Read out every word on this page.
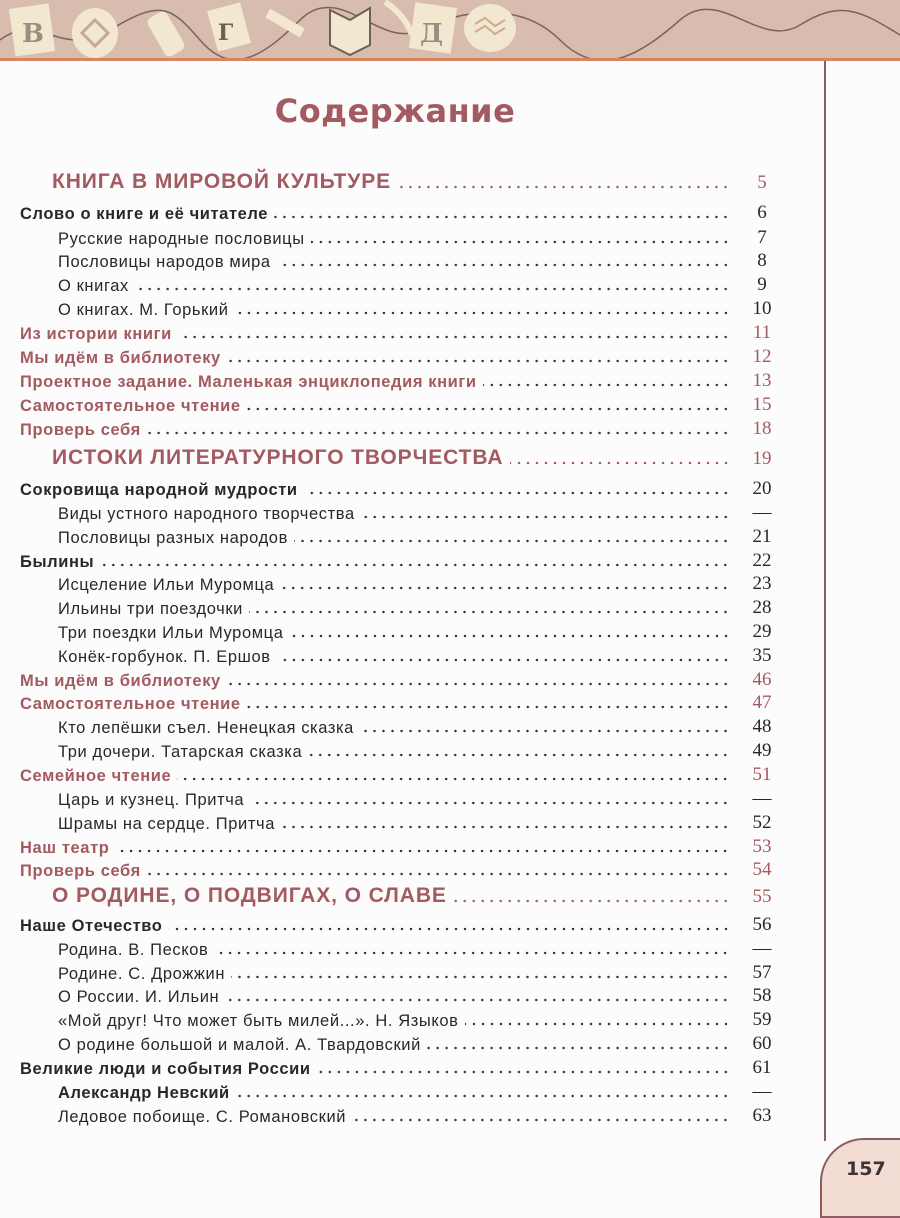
В	Г	Д
Содержание
КНИГА В МИРОВОЙ КУЛЬТУРЕ	5
Слово о книге и её читателе	6
Русские народные пословицы	7
Пословицы народов мира	8
О книгах	9
О книгах. М. Горький	10
Из истории книги	11
Мы идём в библиотеку	12
Проектное задание. Маленькая энциклопедия книги	13
Самостоятельное чтение	15
Проверь себя	18
ИСТОКИ ЛИТЕРАТУРНОГО ТВОРЧЕСТВА	19
Сокровища народной мудрости	20
Виды устного народного творчества	—
Пословицы разных народов	21
Былины	22
Исцеление Ильи Муромца	23
Ильины три поездочки	28
Три поездки Ильи Муромца	29
Конёк-горбунок. П. Ершов	35
Мы идём в библиотеку	46
Самостоятельное чтение	47
Кто лепёшки съел. Ненецкая сказка	48
Три дочери. Татарская сказка	49
Семейное чтение	51
Царь и кузнец. Притча	—
Шрамы на сердце. Притча	52
Наш театр	53
Проверь себя	54
О РОДИНЕ, О ПОДВИГАХ, О СЛАВЕ	55
Наше Отечество	56
Родина. В. Песков	—
Родине. С. Дрожжин	57
О России. И. Ильин	58
«Мой друг! Что может быть милей...». Н. Языков	59
О родине большой и малой. А. Твардовский	60
Великие люди и события России	61
Александр Невский	—
Ледовое побоище. С. Романовский	63
157
